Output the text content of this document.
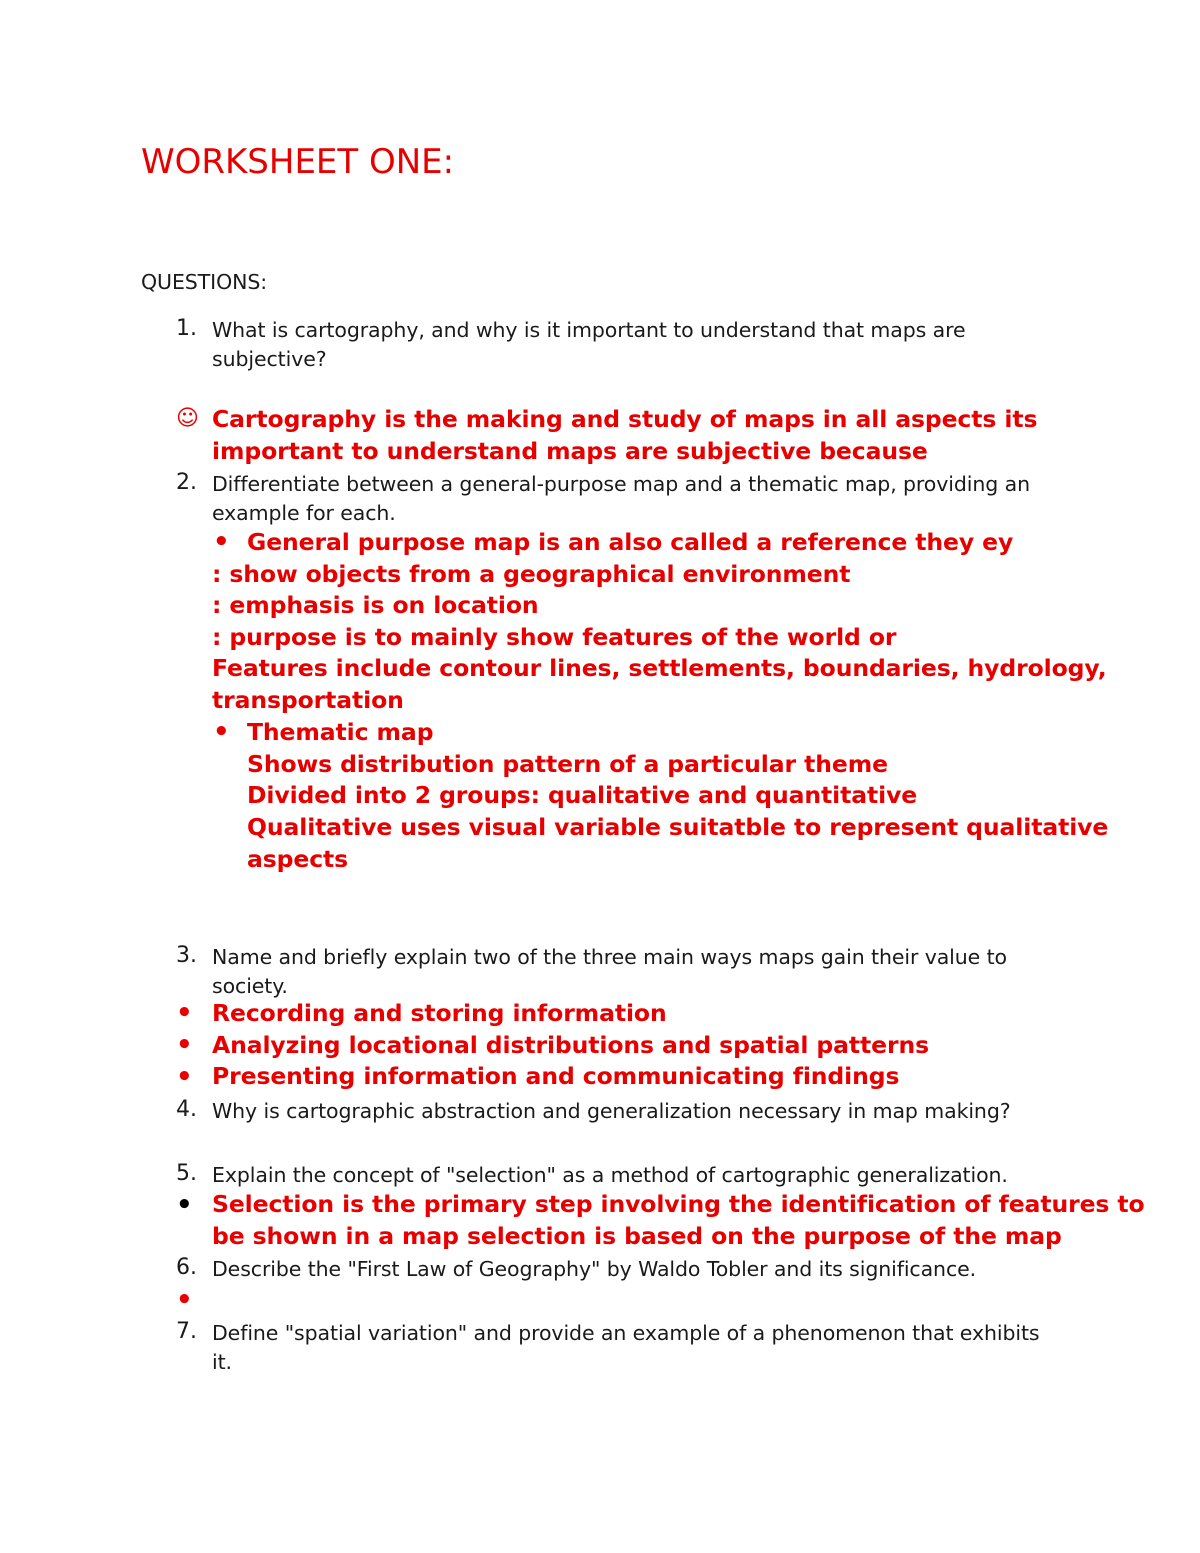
WORKSHEET ONE:
QUESTIONS:
1. What is cartography, and why is it important to understand that maps are
subjective?
☺ Cartography is the making and study of maps in all aspects its
important to understand maps are subjective because
2. Differentiate between a general-purpose map and a thematic map, providing an
example for each.
• General purpose map is an also called a reference they ey
: show objects from a geographical environment
: emphasis is on location
: purpose is to mainly show features of the world or
Features include contour lines, settlements, boundaries, hydrology,
transportation
• Thematic map
Shows distribution pattern of a particular theme
Divided into 2 groups: qualitative and quantitative
Qualitative uses visual variable suitatble to represent qualitative
aspects
3. Name and briefly explain two of the three main ways maps gain their value to
society.
• Recording and storing information
• Analyzing locational distributions and spatial patterns
• Presenting information and communicating findings
4. Why is cartographic abstraction and generalization necessary in map making?
5. Explain the concept of "selection" as a method of cartographic generalization.
• Selection is the primary step involving the identification of features to
be shown in a map selection is based on the purpose of the map
6. Describe the "First Law of Geography" by Waldo Tobler and its significance.
•
7. Define "spatial variation" and provide an example of a phenomenon that exhibits
it.
